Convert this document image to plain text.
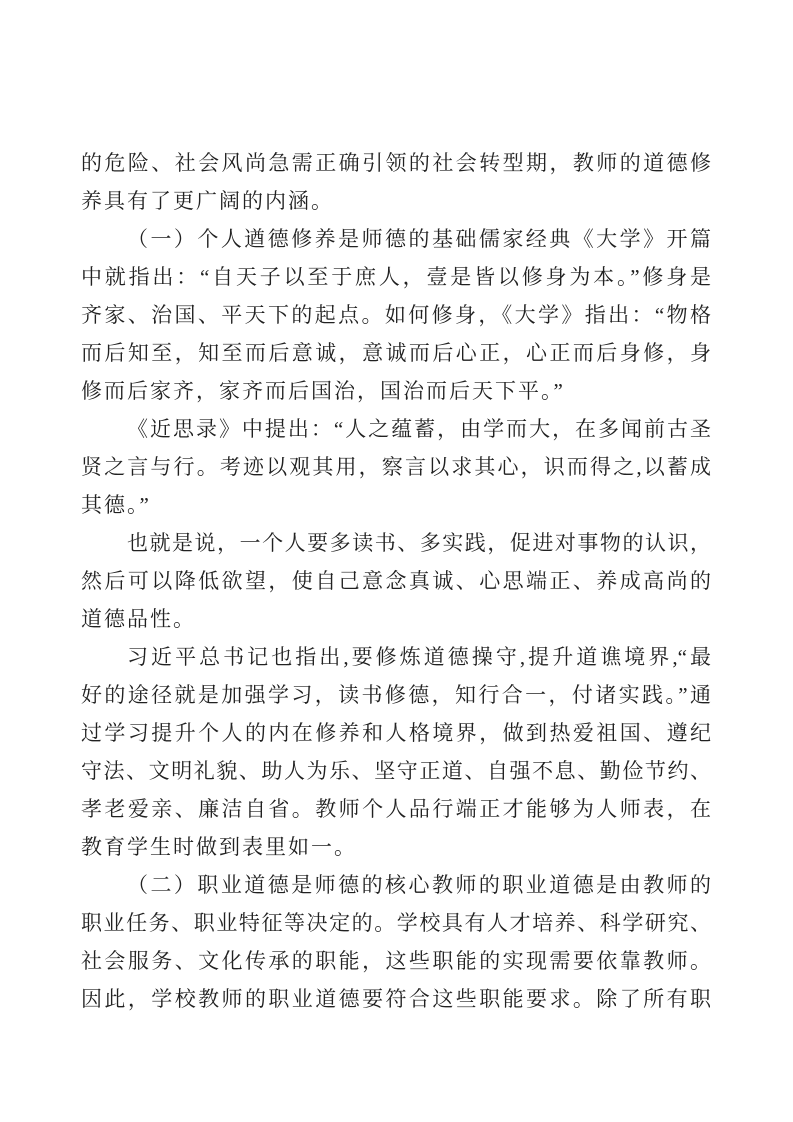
的危险、社会风尚急需正确引领的社会转型期，教师的道德修
养具有了更广阔的内涵。
（一）个人遒德修养是师德的基础儒家经典《大学》开篇
中就指出：“自天子以至于庶人，壹是皆以修身为本。”修身是
齐家、治国、平天下的起点。如何修身，《大学》指出：“物格
而后知至，知至而后意诚，意诚而后心正，心正而后身修，身
修而后家齐，家齐而后国治，国治而后天下平。”
《近思录》中提出：“人之蕴蓄，由学而大，在多闻前古圣
贤之言与行。考迹以观其用，察言以求其心，识而得之,以蓄成
其德。”
也就是说，一个人要多读书、多实践，促进对事物的认识，
然后可以降低欲望，使自己意念真诚、心思端正、养成高尚的
道德品性。
习近平总书记也指出,要修炼道德操守,提升道谯境界,“最
好的途径就是加强学习，读书修德，知行合一，付诸实践。”通
过学习提升个人的内在修养和人格境界，做到热爱祖国、遵纪
守法、文明礼貌、助人为乐、坚守正道、自强不息、勤俭节约、
孝老爱亲、廉洁自省。教师个人品行端正才能够为人师表，在
教育学生时做到表里如一。
（二）职业道德是师德的核心教师的职业道德是由教师的
职业任务、职业特征等决定的。学校具有人才培养、科学研究、
社会服务、文化传承的职能，这些职能的实现需要依靠教师。
因此，学校教师的职业道德要符合这些职能要求。除了所有职
